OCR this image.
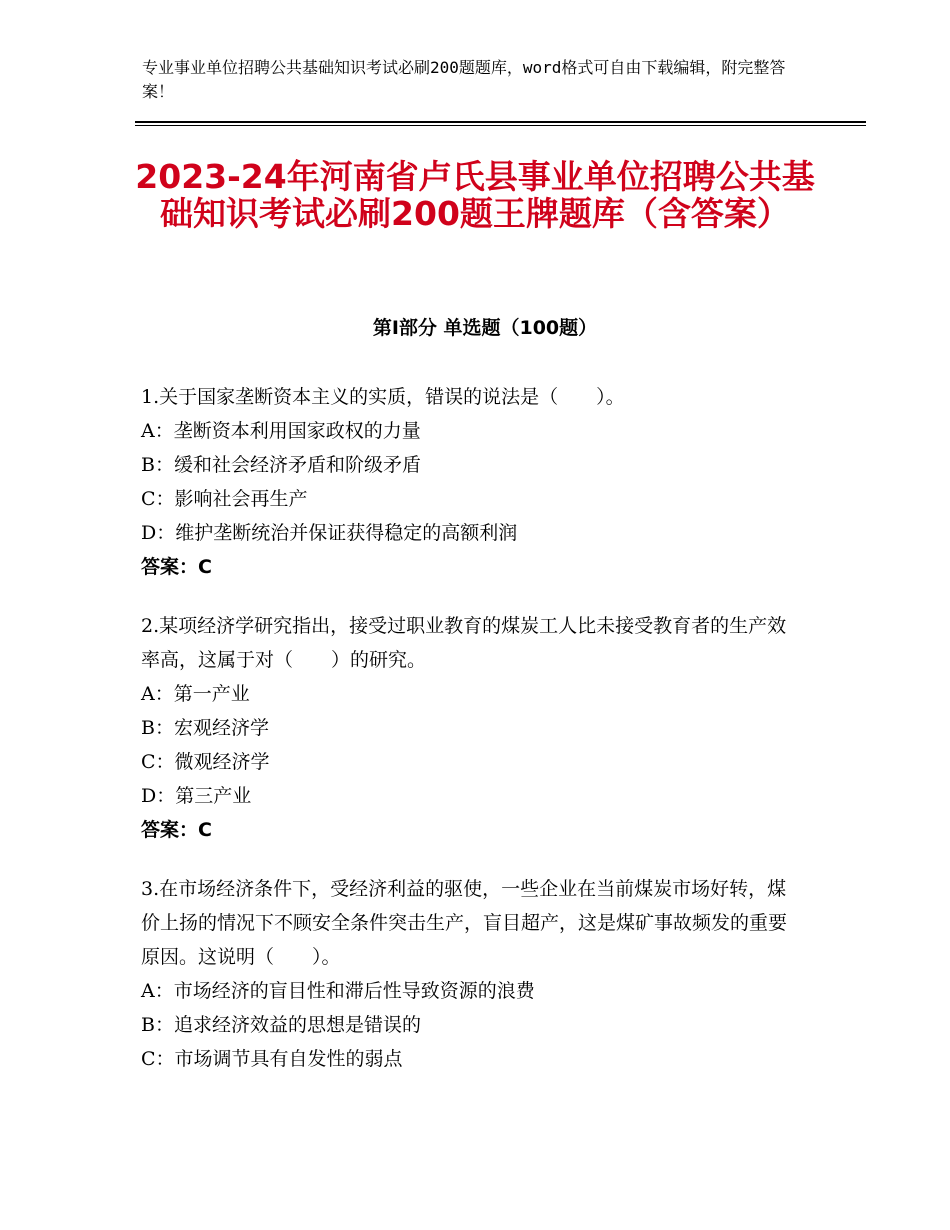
专业事业单位招聘公共基础知识考试必刷200题题库，word格式可自由下载编辑，附完整答案！
2023-24年河南省卢氏县事业单位招聘公共基础知识考试必刷200题王牌题库（含答案）
第Ⅰ部分 单选题（100题）

1.关于国家垄断资本主义的实质，错误的说法是（　　）。

A：垄断资本利用国家政权的力量

B：缓和社会经济矛盾和阶级矛盾

C：影响社会再生产

D：维护垄断统治并保证获得稳定的高额利润

答案：C

2.某项经济学研究指出，接受过职业教育的煤炭工人比未接受教育者的生产效率高，这属于对（　　）的研究。

A：第一产业

B：宏观经济学

C：微观经济学

D：第三产业

答案：C

3.在市场经济条件下，受经济利益的驱使，一些企业在当前煤炭市场好转，煤价上扬的情况下不顾安全条件突击生产，盲目超产，这是煤矿事故频发的重要原因。这说明（　　）。

A：市场经济的盲目性和滞后性导致资源的浪费

B：追求经济效益的思想是错误的

C：市场调节具有自发性的弱点
